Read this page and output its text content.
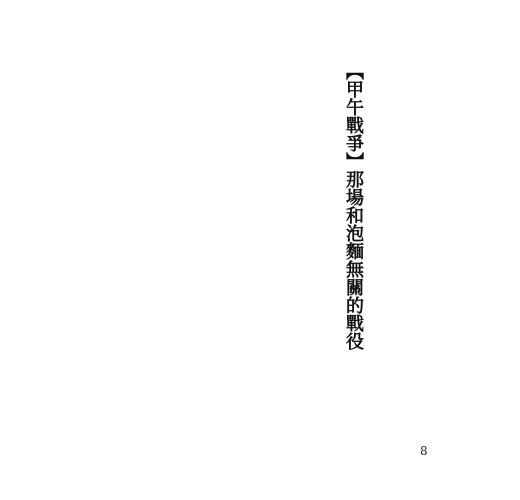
【甲午戰爭】那場和泡麵無關的戰役
8
